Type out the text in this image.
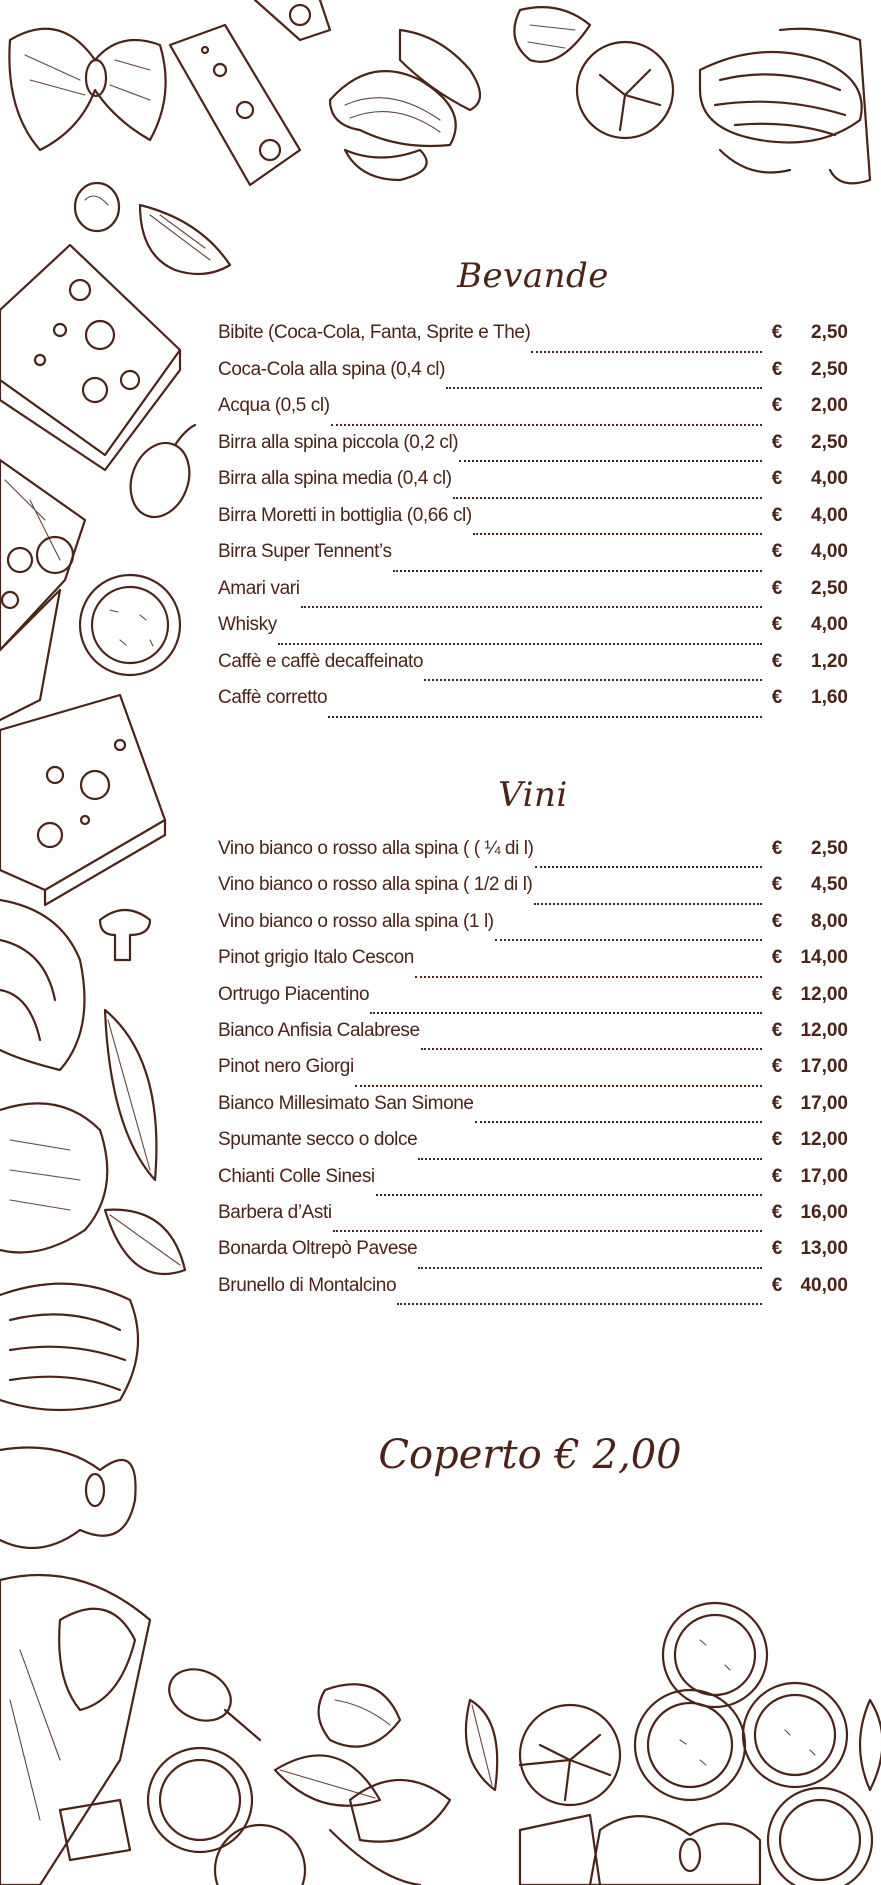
Bevande
Bibite (Coca-Cola, Fanta, Sprite e The)	€	2,50
Coca-Cola alla spina (0,4 cl)	€	2,50
Acqua (0,5 cl)	€	2,00
Birra alla spina piccola (0,2 cl)	€	2,50
Birra alla spina media (0,4 cl)	€	4,00
Birra Moretti in bottiglia (0,66 cl)	€	4,00
Birra Super Tennent’s	€	4,00
Amari vari	€	2,50
Whisky	€	4,00
Caffè e caffè decaffeinato	€	1,20
Caffè corretto	€	1,60
Vini
Vino bianco o rosso alla spina ( ( ¼ di l)	€	2,50
Vino bianco o rosso alla spina ( 1/2 di l)	€	4,50
Vino bianco o rosso alla spina (1 l)	€	8,00
Pinot grigio Italo Cescon	€ 14,00
Ortrugo Piacentino	€ 12,00
Bianco Anfisia Calabrese	€ 12,00
Pinot nero Giorgi	€ 17,00
Bianco Millesimato San Simone	€ 17,00
Spumante secco o dolce	€ 12,00
Chianti Colle Sinesi	€ 17,00
Barbera d’Asti	€ 16,00
Bonarda Oltrepò Pavese	€ 13,00
Brunello di Montalcino	€ 40,00
Coperto € 2,00
